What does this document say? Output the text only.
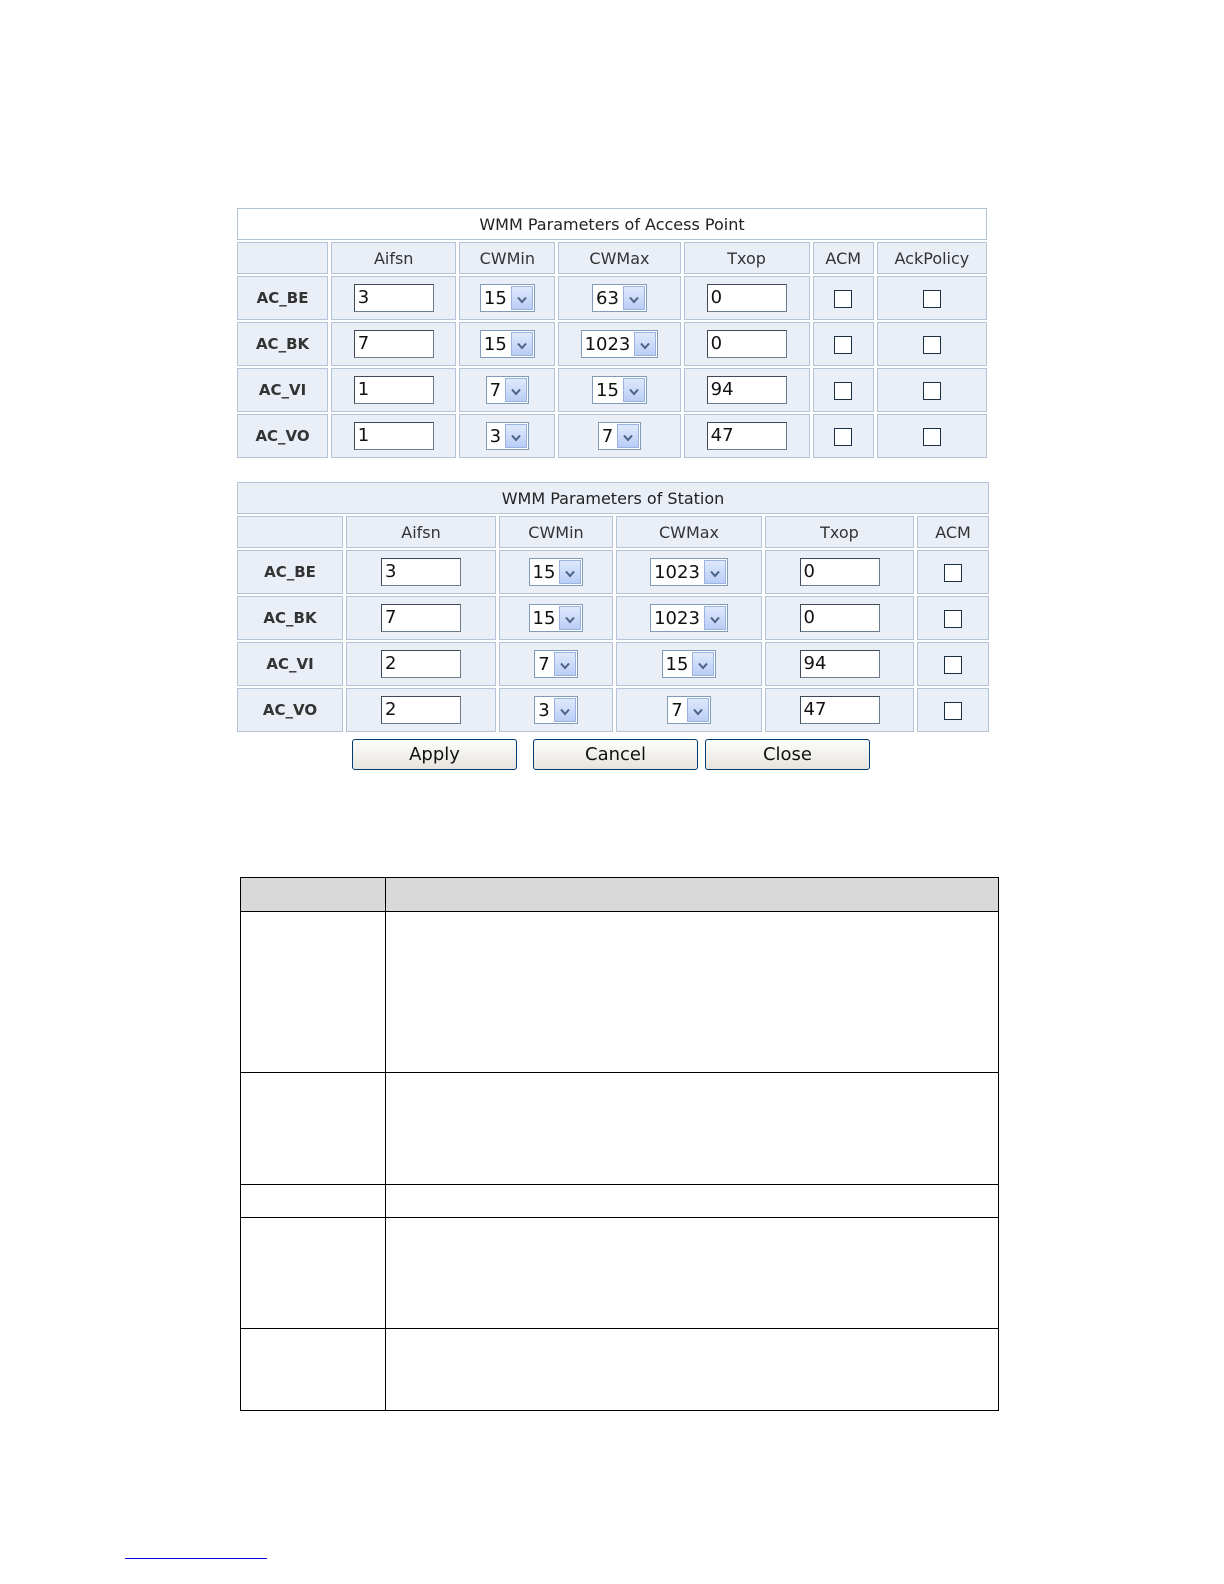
WMM Parameters of Access Point						
	Aifsn	CWMin	CWMax	Txop	ACM	AckPolicy
AC_BE	3	15	63	0		
AC_BK	7	15	1023	0		
AC_VI	1	7	15	94		
AC_VO	1	3	7	47		
WMM Parameters of Station					
	Aifsn	CWMin	CWMax	Txop	ACM
AC_BE	3	15	1023	0	
AC_BK	7	15	1023	0	
AC_VI	2	7	15	94	
AC_VO	2	3	7	47	
Apply	Cancel	Close
